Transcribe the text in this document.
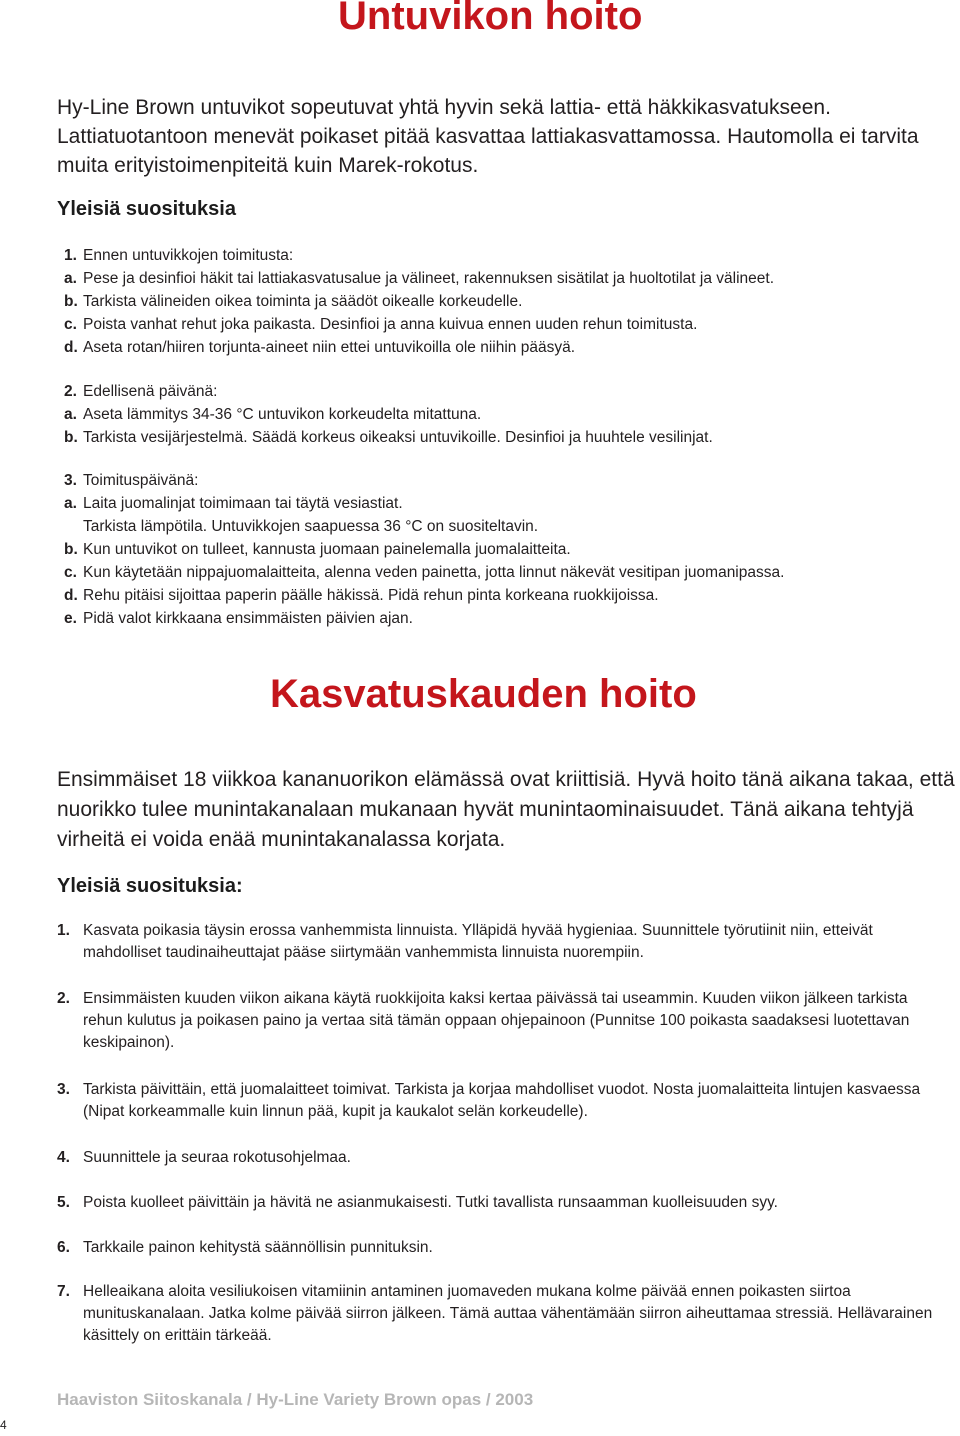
Untuvikon hoito
Hy-Line Brown untuvikot sopeutuvat yhtä hyvin sekä lattia- että häkkikasvatukseen. Lattiatuotantoon menevät poikaset pitää kasvattaa lattiakasvattamossa. Hautomolla ei tarvita muita erityistoimenpiteitä kuin Marek-rokotus.
Yleisiä suosituksia
1. Ennen untuvikkojen toimitusta:
a. Pese ja desinfioi häkit tai lattiakasvatusalue ja välineet, rakennuksen sisätilat ja huoltotilat ja välineet.
b. Tarkista välineiden oikea toiminta ja säädöt oikealle korkeudelle.
c. Poista vanhat rehut joka paikasta. Desinfioi ja anna kuivua ennen uuden rehun toimitusta.
d. Aseta rotan/hiiren torjunta-aineet niin ettei untuvikoilla ole niihin pääsyä.
2. Edellisenä päivänä:
a. Aseta lämmitys 34-36 °C untuvikon korkeudelta mitattuna.
b. Tarkista vesijärjestelmä. Säädä korkeus oikeaksi untuvikoille. Desinfioi ja huuhtele vesilinjat.
3. Toimituspäivänä:
a. Laita juomalinjat toimimaan tai täytä vesiastiat.
Tarkista lämpötila. Untuvikkojen saapuessa 36 °C on suositeltavin.
b. Kun untuvikot on tulleet, kannusta juomaan painelemalla juomalaitteita.
c. Kun käytetään nippajuomalaitteita, alenna veden painetta, jotta linnut näkevät vesitipan juomanipassa.
d. Rehu pitäisi sijoittaa paperin päälle häkissä. Pidä rehun pinta korkeana ruokkijoissa.
e. Pidä valot kirkkaana ensimmäisten päivien ajan.
Kasvatuskauden hoito
Ensimmäiset 18 viikkoa kananuorikon elämässä ovat kriittisiä. Hyvä hoito tänä aikana takaa, että nuorikko tulee munintakanalaan mukanaan hyvät munintaominaisuudet. Tänä aikana tehtyjä virheitä ei voida enää munintakanalassa korjata.
Yleisiä suosituksia:
1. Kasvata poikasia täysin erossa vanhemmista linnuista. Ylläpidä hyvää hygieniaa. Suunnittele työrutiinit niin, etteivät mahdolliset taudinaiheuttajat pääse siirtymään vanhemmista linnuista nuorempiin.
2. Ensimmäisten kuuden viikon aikana käytä ruokkijoita kaksi kertaa päivässä tai useammin. Kuuden viikon jälkeen tarkista rehun kulutus ja poikasen paino ja vertaa sitä tämän oppaan ohjepainoon (Punnitse 100 poikasta saadaksesi luotettavan keskipainon).
3. Tarkista päivittäin, että juomalaitteet toimivat. Tarkista ja korjaa mahdolliset vuodot. Nosta juomalaitteita lintujen kasvaessa (Nipat korkeammalle kuin linnun pää, kupit ja kaukalot selän korkeudelle).
4. Suunnittele ja seuraa rokotusohjelmaa.
5. Poista kuolleet päivittäin ja hävitä ne asianmukaisesti. Tutki tavallista runsaamman kuolleisuuden syy.
6. Tarkkaile painon kehitystä säännöllisin punnituksin.
7. Helleaikana aloita vesiliukoisen vitamiinin antaminen juomaveden mukana kolme päivää ennen poikasten siirtoa munituskanalaan. Jatka kolme päivää siirron jälkeen. Tämä auttaa vähentämään siirron aiheuttamaa stressiä. Hellävarainen käsittely on erittäin tärkeää.
Haaviston Siitoskanala / Hy-Line Variety Brown opas / 2003
4
